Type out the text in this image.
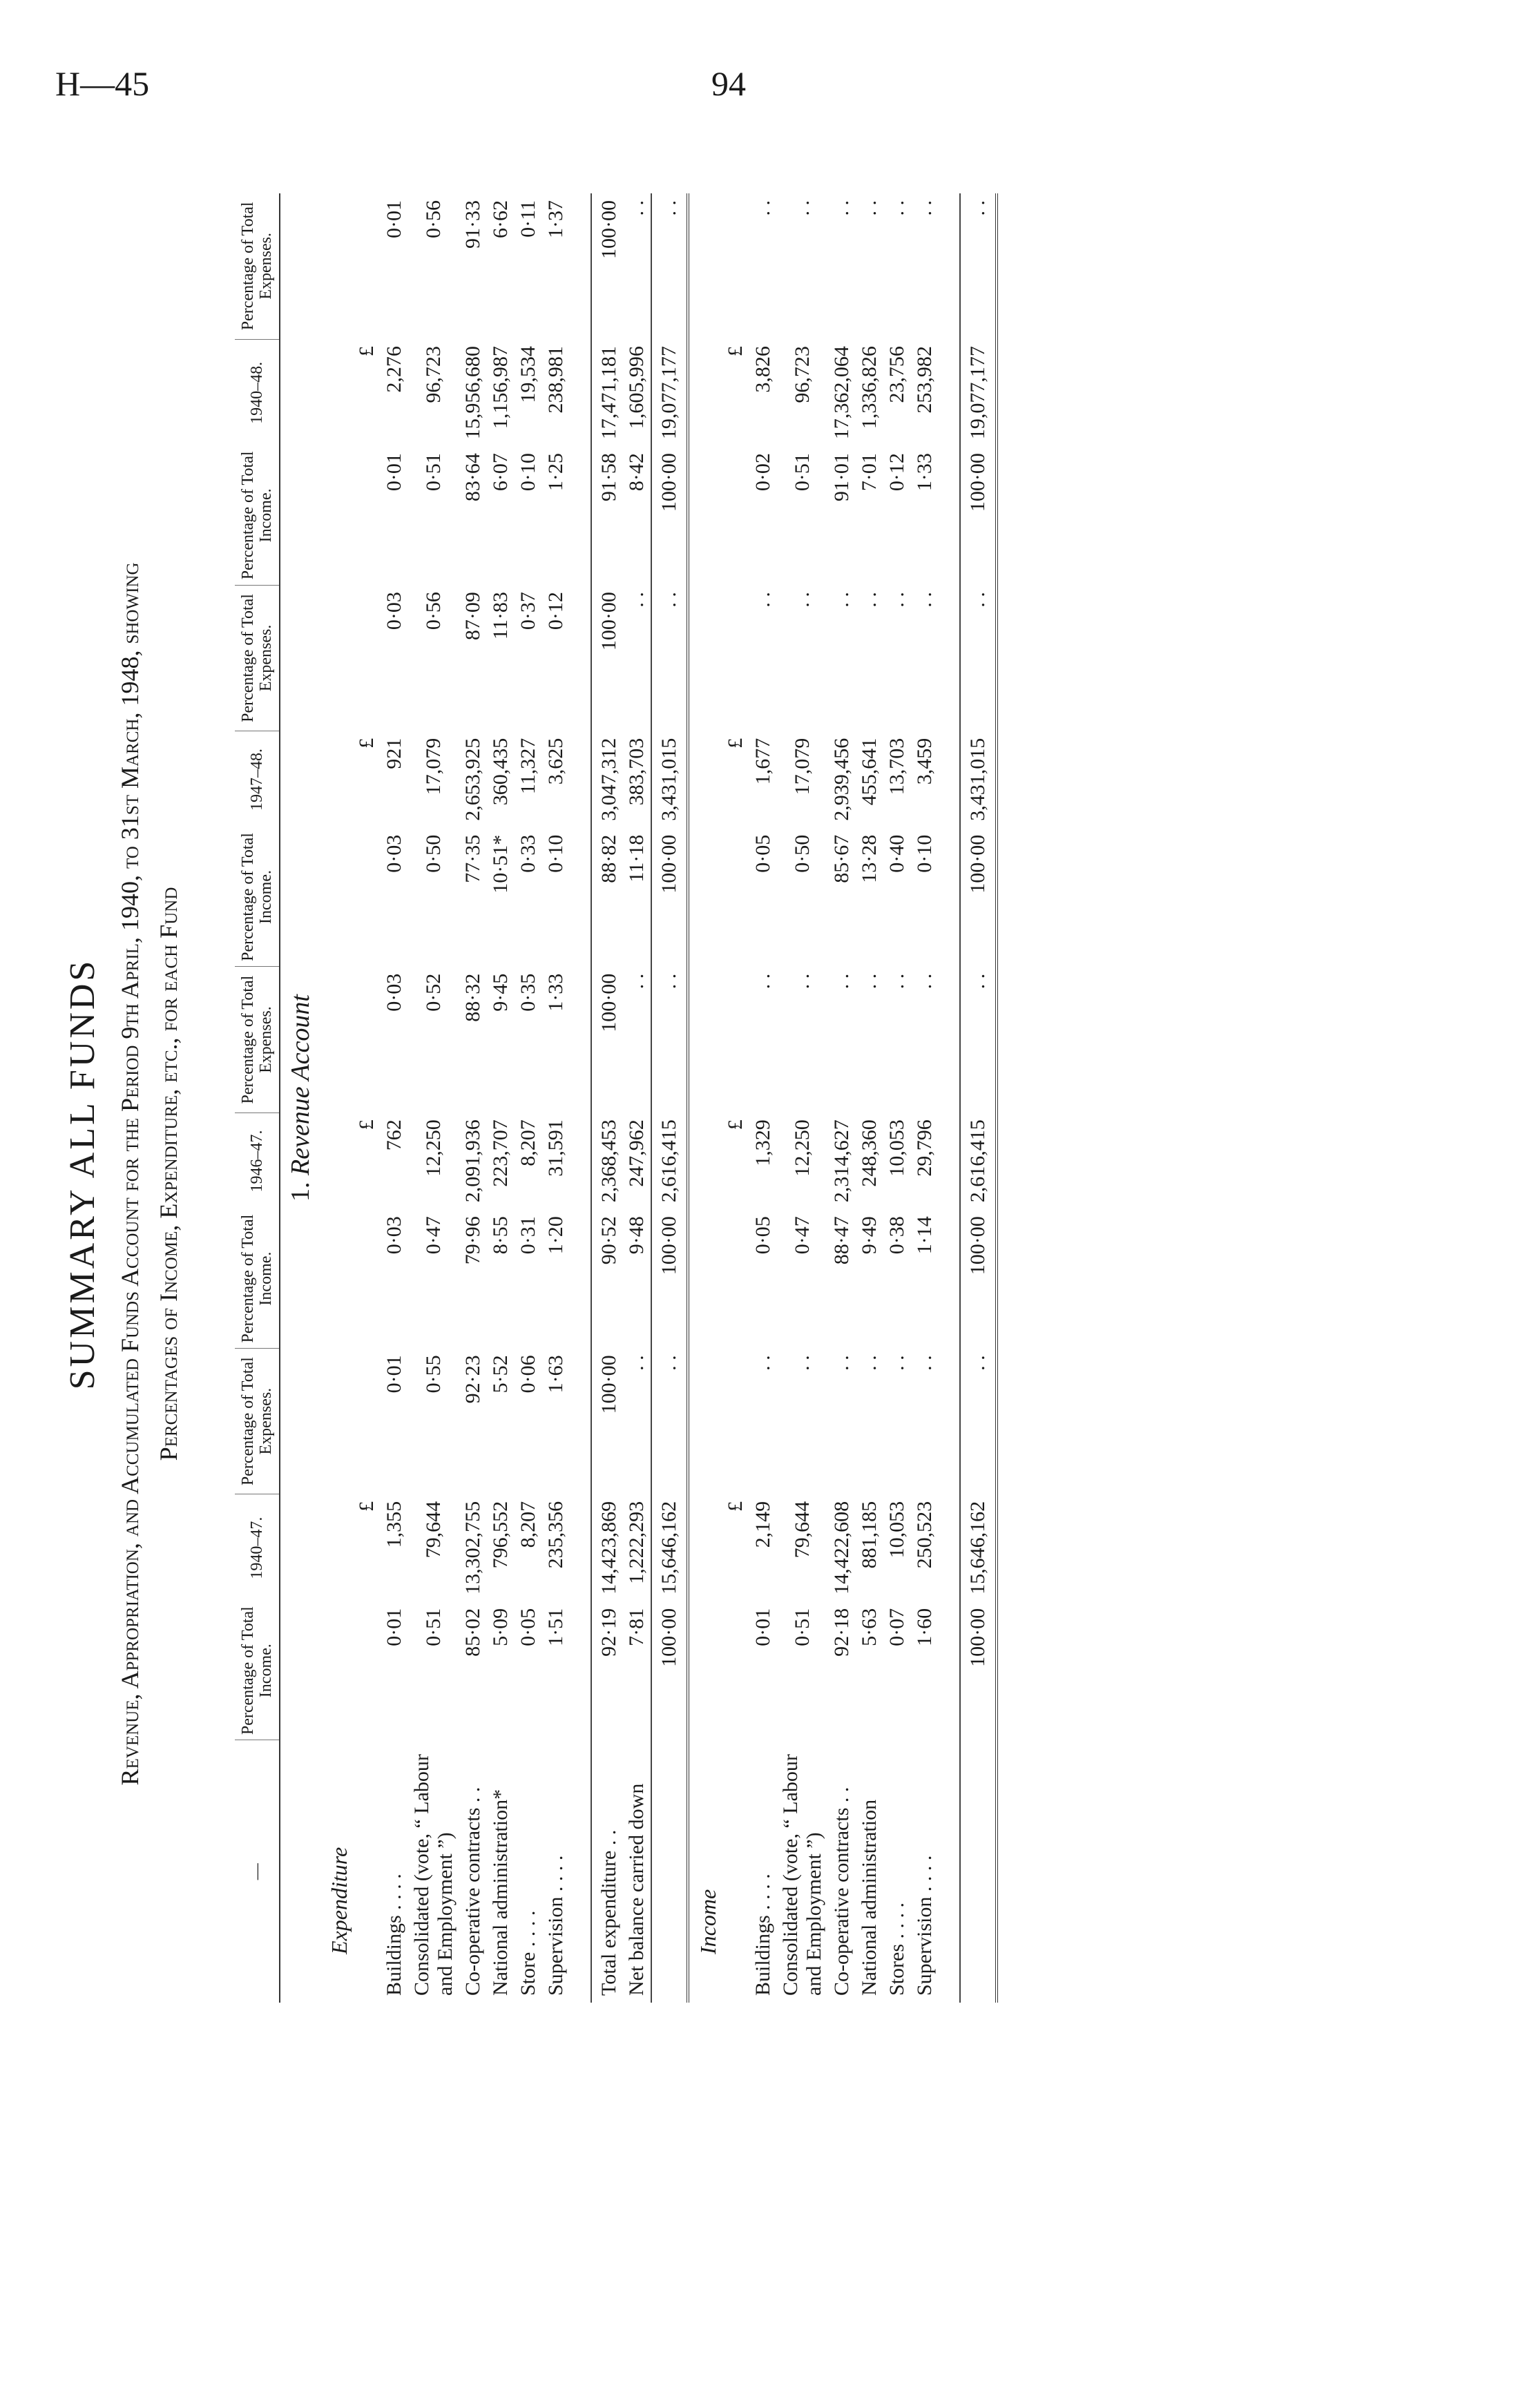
H—45	94
SUMMARY ALL FUNDS Revenue, Appropriation, and Accumulated Funds Account for the Period 9th April, 1940, to 31st March, 1948, showing Percentages of Income, Expenditure, etc., for each Fund
—	Percentage of Total Income.	1940–47.	Percentage of Total Expenses.	Percentage of Total Income.	1946–47.	Percentage of Total Expenses.	Percentage of Total Income.	1947–48.	Percentage of Total Expenses.	Percentage of Total Income.	1940–48.	Percentage of Total Expenses.
1. Revenue Account												
Expenditure												
		£			£			£			£	
Buildings . . . .	0·01	1,355	0·01	0·03	762	0·03	0·03	921	0·03	0·01	2,276	0·01
Consolidated (vote, “ Labour and Employment ”)	0·51	79,644	0·55	0·47	12,250	0·52	0·50	17,079	0·56	0·51	96,723	0·56
Co-operative contracts . .	85·02	13,302,755	92·23	79·96	2,091,936	88·32	77·35	2,653,925	87·09	83·64	15,956,680	91·33
National administration*	5·09	796,552	5·52	8·55	223,707	9·45	10·51*	360,435	11·83	6·07	1,156,987	6·62
Store . . . .	0·05	8,207	0·06	0·31	8,207	0·35	0·33	11,327	0·37	0·10	19,534	0·11
Supervision . . . .	1·51	235,356	1·63	1·20	31,591	1·33	0·10	3,625	0·12	1·25	238,981	1·37

Total expenditure . .	92·19	14,423,869	100·00	90·52	2,368,453	100·00	88·82	3,047,312	100·00	91·58	17,471,181	100·00
Net balance carried down	7·81	1,222,293	. .	9·48	247,962	. .	11·18	383,703	. .	8·42	1,605,996	. .
	100·00	15,646,162	. .	100·00	2,616,415	. .	100·00	3,431,015	. .	100·00	19,077,177	. .
Income												
		£			£			£			£	
Buildings . . . .	0·01	2,149	. .	0·05	1,329	. .	0·05	1,677	. .	0·02	3,826	. .
Consolidated (vote, “ Labour and Employment ”)	0·51	79,644	. .	0·47	12,250	. .	0·50	17,079	. .	0·51	96,723	. .
Co-operative contracts . .	92·18	14,422,608	. .	88·47	2,314,627	. .	85·67	2,939,456	. .	91·01	17,362,064	. .
National administration	5·63	881,185	. .	9·49	248,360	. .	13·28	455,641	. .	7·01	1,336,826	. .
Stores . . . .	0·07	10,053	. .	0·38	10,053	. .	0·40	13,703	. .	0·12	23,756	. .
Supervision . . . .	1·60	250,523	. .	1·14	29,796	. .	0·10	3,459	. .	1·33	253,982	. .

	100·00	15,646,162	. .	100·00	2,616,415	. .	100·00	3,431,015	. .	100·00	19,077,177	. .
